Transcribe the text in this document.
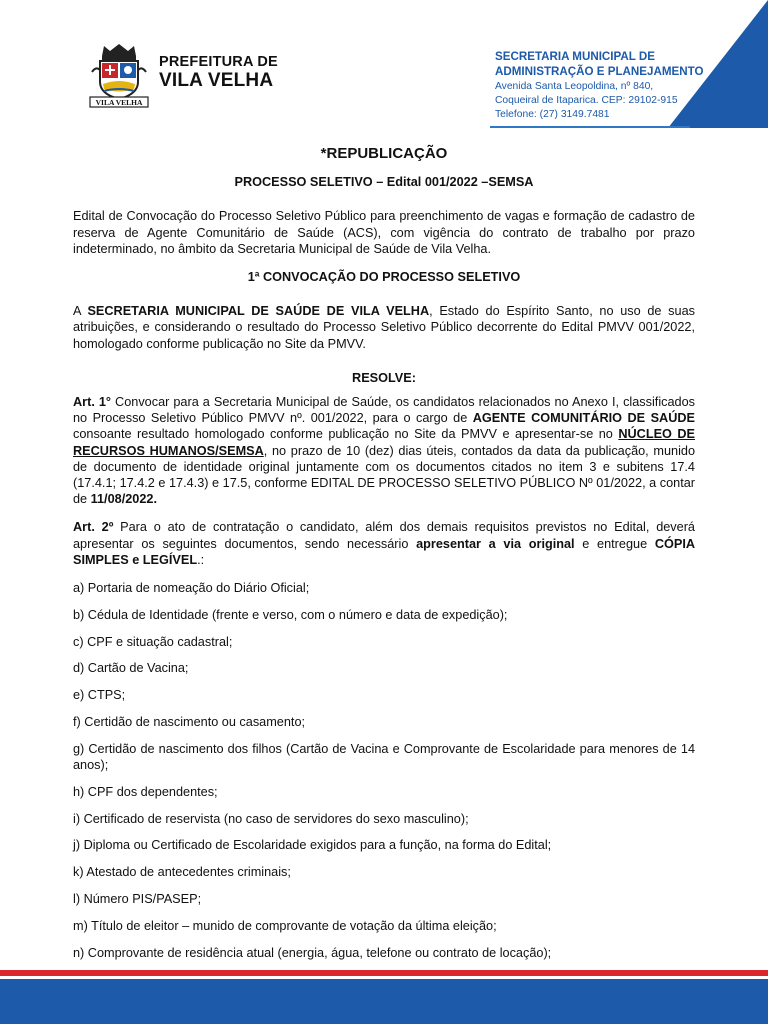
VILA VELHA
PREFEITURA DE
VILA VELHA
SECRETARIA MUNICIPAL DE
ADMINISTRAÇÃO E PLANEJAMENTO
Avenida Santa Leopoldina, nº 840,
Coqueiral de Itaparica. CEP: 29102-915
Telefone: (27) 3149.7481

*REPUBLICAÇÃO

PROCESSO SELETIVO – Edital 001/2022 –SEMSA

Edital de Convocação do Processo Seletivo Público para preenchimento de vagas e formação de cadastro de reserva de Agente Comunitário de Saúde (ACS), com vigência do contrato de trabalho por prazo indeterminado, no âmbito da Secretaria Municipal de Saúde de Vila Velha.

1ª CONVOCAÇÃO DO PROCESSO SELETIVO

A SECRETARIA MUNICIPAL DE SAÚDE DE VILA VELHA, Estado do Espírito Santo, no uso de suas atribuições, e considerando o resultado do Processo Seletivo Público decorrente do Edital PMVV 001/2022, homologado conforme publicação no Site da PMVV.

RESOLVE:

Art. 1° Convocar para a Secretaria Municipal de Saúde, os candidatos relacionados no Anexo I, classificados no Processo Seletivo Público PMVV nº. 001/2022, para o cargo de AGENTE COMUNITÁRIO DE SAÚDE consoante resultado homologado conforme publicação no Site da PMVV e apresentar-se no NÚCLEO DE RECURSOS HUMANOS/SEMSA, no prazo de 10 (dez) dias úteis, contados da data da publicação, munido de documento de identidade original juntamente com os documentos citados no item 3 e subitens 17.4 (17.4.1; 17.4.2 e 17.4.3) e 17.5, conforme EDITAL DE PROCESSO SELETIVO PÚBLICO Nº 01/2022, a contar de 11/08/2022.

Art. 2º Para o ato de contratação o candidato, além dos demais requisitos previstos no Edital, deverá apresentar os seguintes documentos, sendo necessário apresentar a via original e entregue CÓPIA SIMPLES e LEGÍVEL.:

a) Portaria de nomeação do Diário Oficial;

b) Cédula de Identidade (frente e verso, com o número e data de expedição);

c) CPF e situação cadastral;

d) Cartão de Vacina;

e) CTPS;

f) Certidão de nascimento ou casamento;

g) Certidão de nascimento dos filhos (Cartão de Vacina e Comprovante de Escolaridade para menores de 14 anos);

h) CPF dos dependentes;

i) Certificado de reservista (no caso de servidores do sexo masculino);

j) Diploma ou Certificado de Escolaridade exigidos para a função, na forma do Edital;

k) Atestado de antecedentes criminais;

l) Número PIS/PASEP;

m) Título de eleitor – munido de comprovante de votação da última eleição;

n) Comprovante de residência atual (energia, água, telefone ou contrato de locação);
